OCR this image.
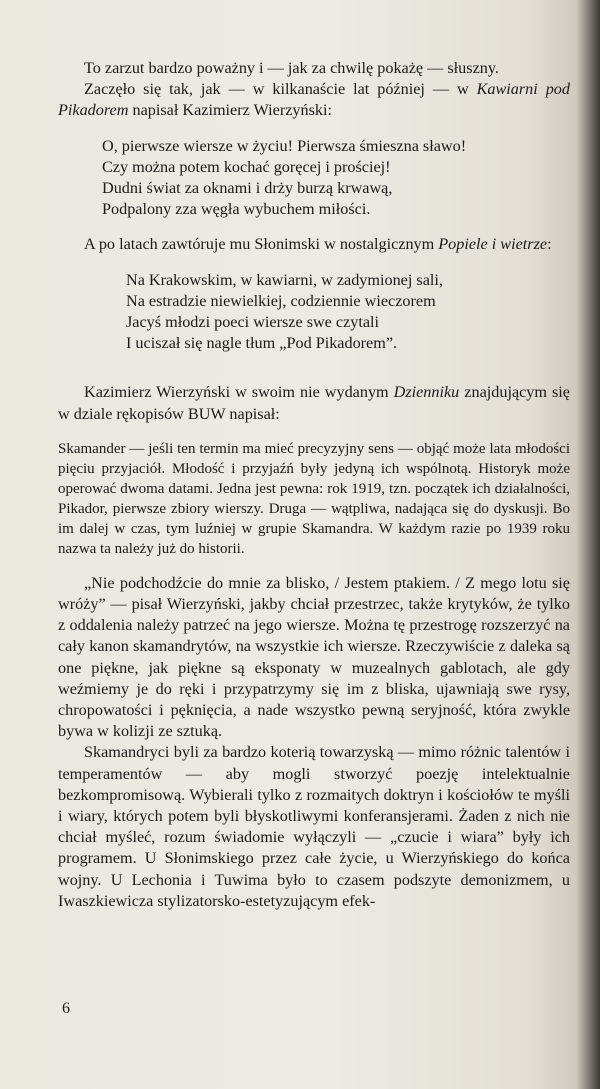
To zarzut bardzo poważny i — jak za chwilę pokażę — słuszny.
Zaczęło się tak, jak — w kilkanaście lat później — w Kawiarni pod Pikadorem napisał Kazimierz Wierzyński:

O, pierwsze wiersze w życiu! Pierwsza śmieszna sławo!
Czy można potem kochać goręcej i prościej!
Dudni świat za oknami i drży burzą krwawą,
Podpalony zza węgła wybuchem miłości.

A po latach zawtóruje mu Słonimski w nostalgicznym Popiele i wietrze:

Na Krakowskim, w kawiarni, w zadymionej sali,
Na estradzie niewielkiej, codziennie wieczorem
Jacyś młodzi poeci wiersze swe czytali
I uciszał się nagle tłum „Pod Pikadorem”.

Kazimierz Wierzyński w swoim nie wydanym Dzienniku znajdującym się w dziale rękopisów BUW napisał:

Skamander — jeśli ten termin ma mieć precyzyjny sens — objąć może lata młodości pięciu przyjaciół. Młodość i przyjaźń były jedyną ich wspólnotą. Historyk może operować dwoma datami. Jedna jest pewna: rok 1919, tzn. początek ich działalności, Pikador, pierwsze zbiory wierszy. Druga — wątpliwa, nadająca się do dyskusji. Bo im dalej w czas, tym luźniej w grupie Skamandra. W każdym razie po 1939 roku nazwa ta należy już do historii.

„Nie podchodźcie do mnie za blisko, / Jestem ptakiem. / Z mego lotu się wróży” — pisał Wierzyński, jakby chciał przestrzec, także krytyków, że tylko z oddalenia należy patrzeć na jego wiersze. Można tę przestrogę rozszerzyć na cały kanon skamandrytów, na wszystkie ich wiersze. Rzeczywiście z daleka są one piękne, jak piękne są eksponaty w muzealnych gablotach, ale gdy weźmiemy je do ręki i przypatrzymy się im z bliska, ujawniają swe rysy, chropowatości i pęknięcia, a nade wszystko pewną seryjność, która zwykle bywa w kolizji ze sztuką.

Skamandryci byli za bardzo koterią towarzyską — mimo różnic talentów i temperamentów — aby mogli stworzyć poezję intelektualnie bezkompromisową. Wybierali tylko z rozmaitych doktryn i kościołów te myśli i wiary, których potem byli błyskotliwymi konferansjerami. Żaden z nich nie chciał myśleć, rozum świadomie wyłączyli — „czucie i wiara” były ich programem. U Słonimskiego przez całe życie, u Wierzyńskiego do końca wojny. U Lechonia i Tuwima było to czasem podszyte demonizmem, u Iwaszkiewicza stylizatorsko-estetyzującym efek-

6
